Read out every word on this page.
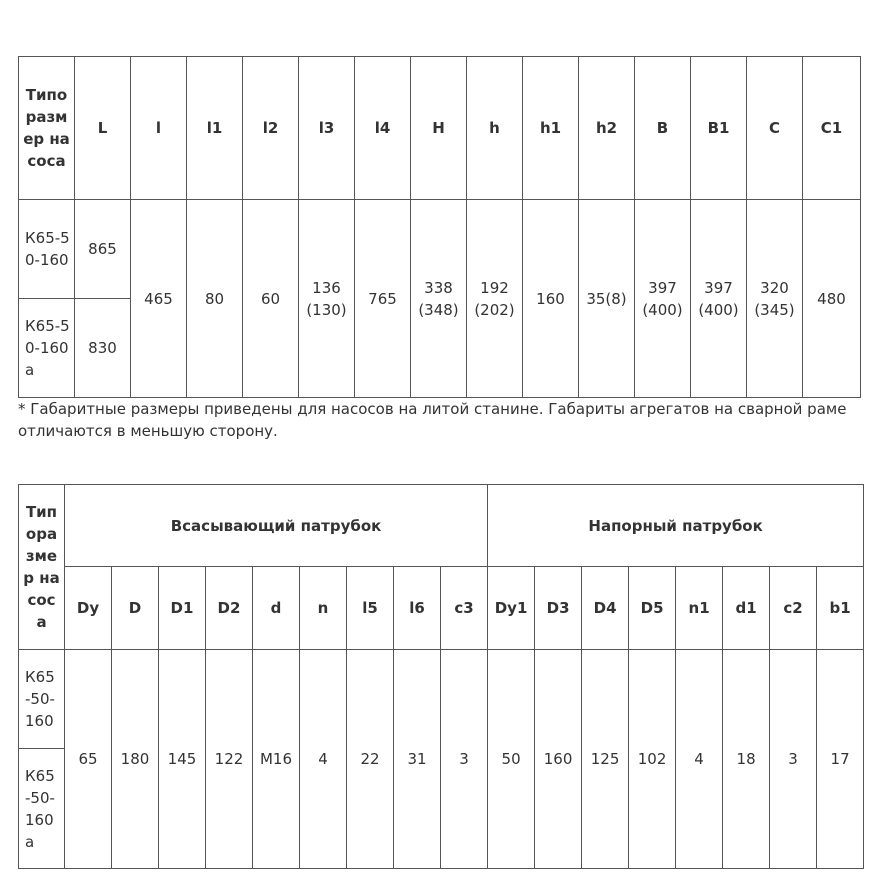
Типоразмер насоса	L	l	l1	l2	l3	l4	H	h	h1	h2	B	B1	C	C1
К65-50-160	865	465	80	60	136 (130)	765	338 (348)	192 (202)	160	35(8)	397 (400)	397 (400)	320 (345)	480
К65-50-160а	830													
* Габаритные размеры приведены для насосов на литой станине. Габариты агрегатов на сварной раме отличаются в меньшую сторону.
Типоразмер насоса	Всасывающий патрубок									Напорный патрубок							
	Dy	D	D1	D2	d	n	l5	l6	c3	Dy1	D3	D4	D5	n1	d1	c2	b1
К65-50-160	65	180	145	122	М16	4	22	31	3	50	160	125	102	4	18	3	17
К65-50-160а																	
